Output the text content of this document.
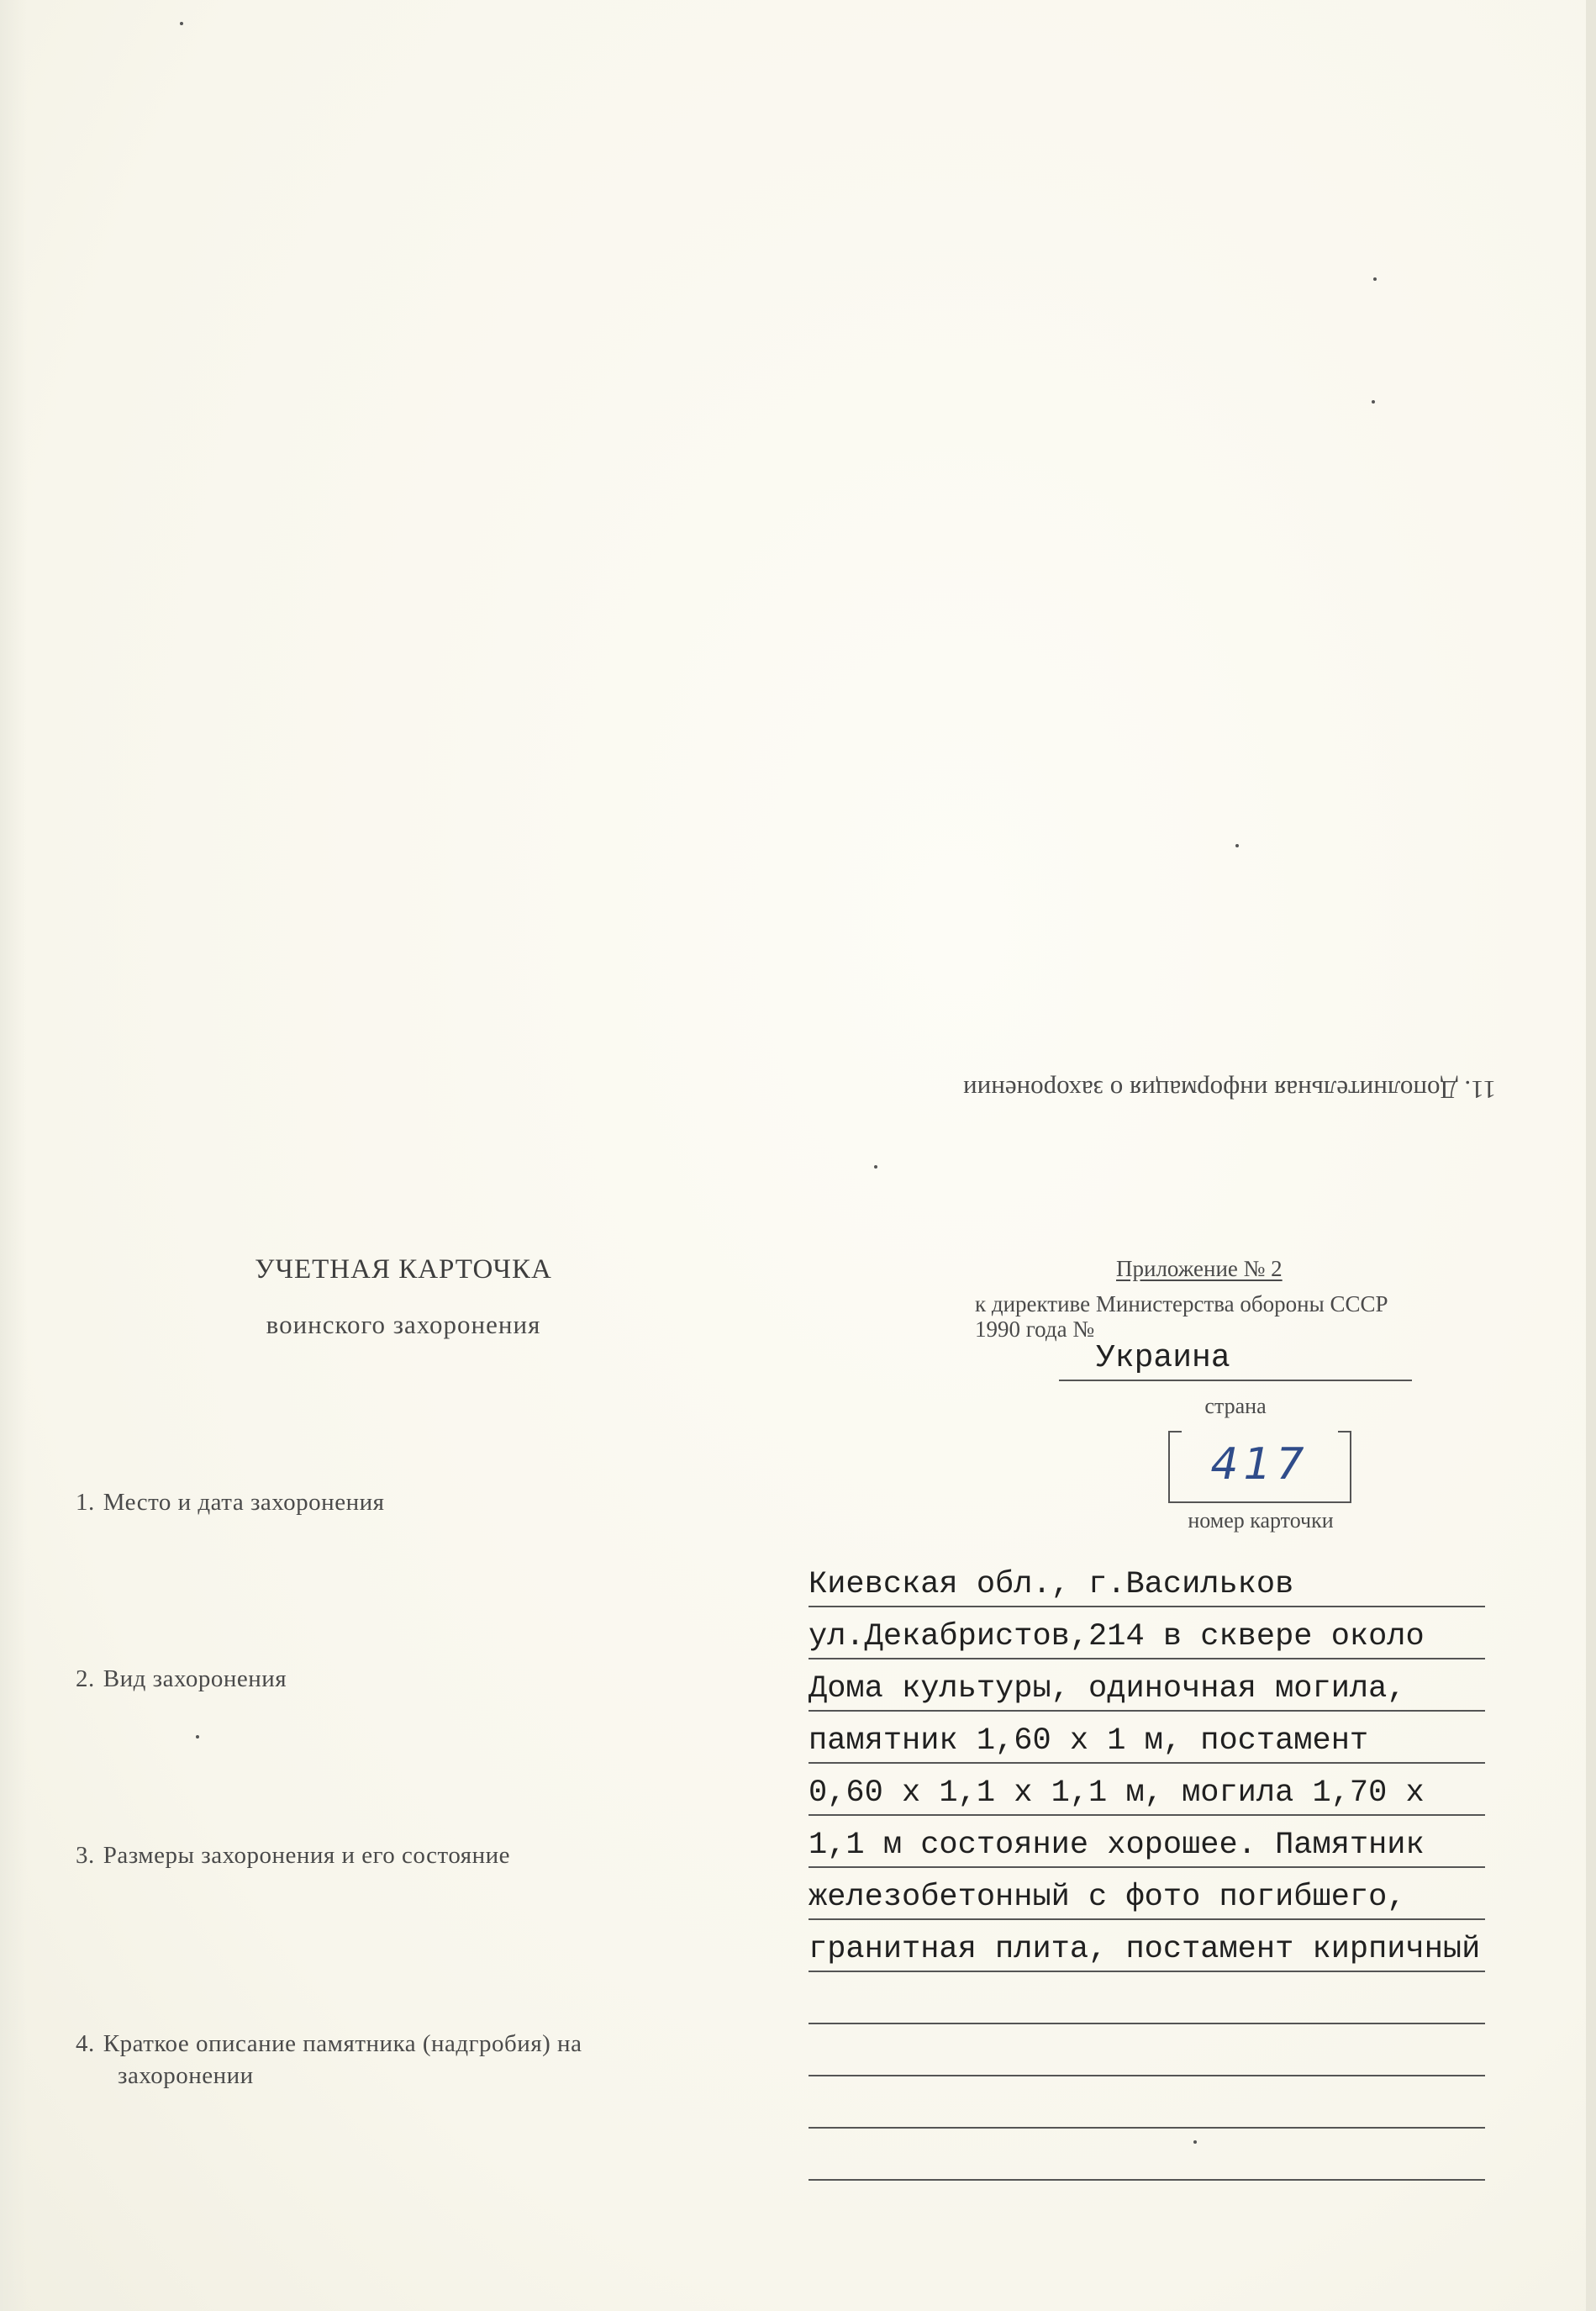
11. Дополнительная информация о захоронении
УЧЕТНАЯ КАРТОЧКА
воинского захоронения
Приложение № 2
к директиве Министерства обороны СССР
1990 года №
Украина
страна
417
номер карточки
1. Место и дата захоронения
2. Вид захоронения
3. Размеры захоронения и его состояние
4. Краткое описание памятника (надгробия) на
захоронении
Киевская обл., г.Васильков
ул.Декабристов,214 в сквере около
Дома культуры, одиночная могила,
памятник 1,60 х 1 м, постамент
0,60 х 1,1 х 1,1 м, могила 1,70 х
1,1 м состояние хорошее. Памятник
железобетонный с фото погибшего,
гранитная плита, постамент кирпичный
